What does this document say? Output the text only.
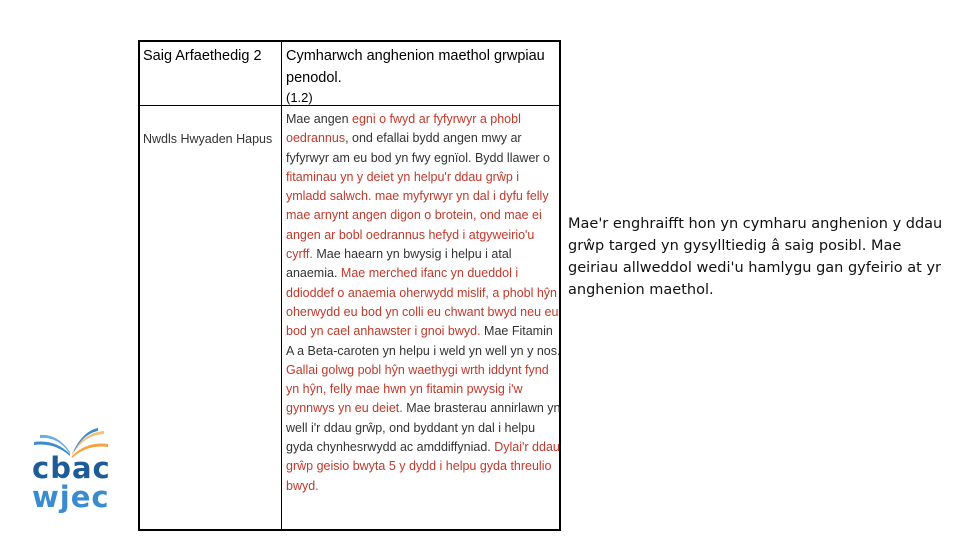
Saig Arfaethedig 2	Cymharwch anghenion maethol grwpiau penodol.
(1.2)
Nwdls Hwyaden Hapus
Mae angen egni o fwyd ar fyfyrwyr a phobl oedrannus, ond efallai bydd angen mwy ar fyfyrwyr am eu bod yn fwy egnïol. Bydd llawer o fitaminau yn y deiet yn helpu'r ddau grŵp i ymladd salwch. mae myfyrwyr yn dal i dyfu felly mae arnynt angen digon o brotein, ond mae ei angen ar bobl oedrannus hefyd i atgyweirio'u cyrff. Mae haearn yn bwysig i helpu i atal anaemia. Mae merched ifanc yn dueddol i ddioddef o anaemia oherwydd mislif, a phobl hŷn oherwydd eu bod yn colli eu chwant bwyd neu eu bod yn cael anhawster i gnoi bwyd. Mae Fitamin A a Beta-caroten yn helpu i weld yn well yn y nos. Gallai golwg pobl hŷn waethygi wrth iddynt fynd yn hŷn, felly mae hwn yn fitamin pwysig i'w gynnwys yn eu deiet. Mae brasterau annirlawn yn well i'r ddau grŵp, ond byddant yn dal i helpu gyda chynhesrwydd ac amddiffyniad. Dylai'r ddau grŵp geisio bwyta 5 y dydd i helpu gyda threulio bwyd.
Mae'r enghraifft hon yn cymharu anghenion y ddau grŵp targed yn gysylltiedig â saig posibl. Mae geiriau allweddol wedi'u hamlygu gan gyfeirio at yr anghenion maethol.
cbac
wjec
